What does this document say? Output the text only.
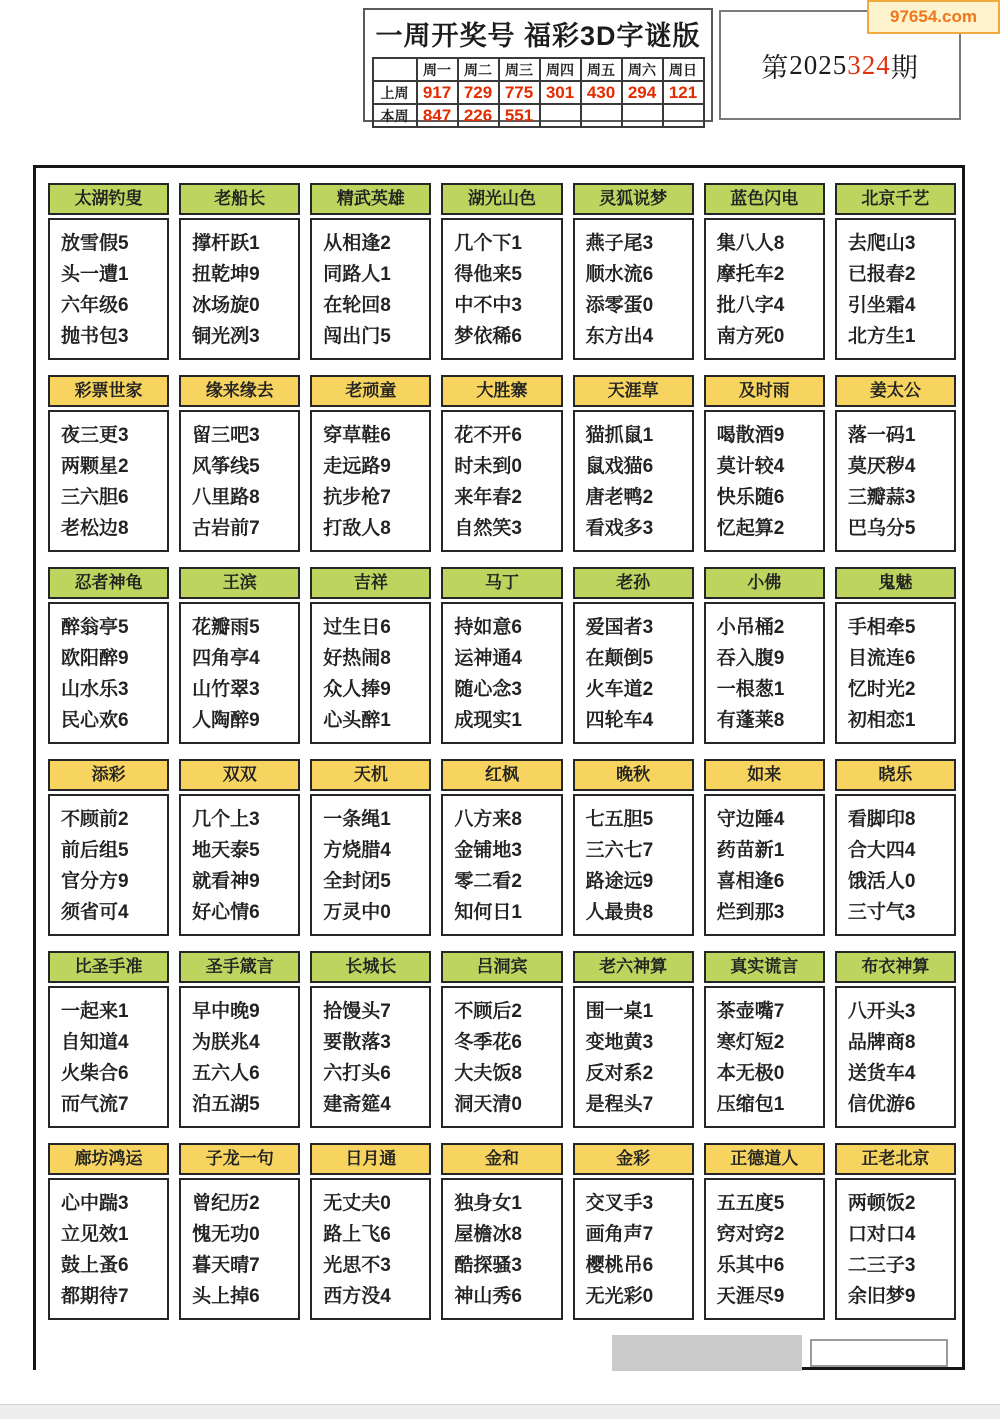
一周开奖号 福彩3D字谜版
	周一	周二	周三	周四	周五	周六	周日
上周	917	729	775	301	430	294	121
本周	847	226	551				
第 2025 324 期
97654.com
太湖钓叟
放雪假5
头一遭1
六年级6
抛书包3
老船长
撑杆跃1
扭乾坤9
冰场旋0
铜光冽3
精武英雄
从相逢2
同路人1
在轮回8
闯出门5
湖光山色
几个下1
得他来5
中不中3
梦依稀6
灵狐说梦
燕子尾3
顺水流6
添零蛋0
东方出4
蓝色闪电
集八人8
摩托车2
批八字4
南方死0
北京千艺
去爬山3
已报春2
引坐霜4
北方生1
彩票世家
夜三更3
两颗星2
三六胆6
老松边8
缘来缘去
留三吧3
风筝线5
八里路8
古岩前7
老顽童
穿草鞋6
走远路9
抗步枪7
打敌人8
大胜寨
花不开6
时未到0
来年春2
自然笑3
天涯草
猫抓鼠1
鼠戏猫6
唐老鸭2
看戏多3
及时雨
喝散酒9
莫计较4
快乐随6
忆起算2
姜太公
落一码1
莫厌秽4
三瓣蒜3
巴乌分5
忍者神龟
醉翁亭5
欧阳醉9
山水乐3
民心欢6
王滨
花瓣雨5
四角亭4
山竹翠3
人陶醉9
吉祥
过生日6
好热闹8
众人捧9
心头醉1
马丁
持如意6
运神通4
随心念3
成现实1
老孙
爱国者3
在颠倒5
火车道2
四轮车4
小佛
小吊桶2
吞入腹9
一根葱1
有蓬莱8
鬼魅
手相牵5
目流连6
忆时光2
初相恋1
添彩
不顾前2
前后组5
官分方9
须省可4
双双
几个上3
地天泰5
就看神9
好心情6
天机
一条绳1
方烧腊4
全封闭5
万灵中0
红枫
八方来8
金铺地3
零二看2
知何日1
晚秋
七五胆5
三六七7
路途远9
人最贵8
如来
守边陲4
药苗新1
喜相逢6
烂到那3
晓乐
看脚印8
合大四4
饿活人0
三寸气3
比圣手准
一起来1
自知道4
火柴合6
而气流7
圣手箴言
早中晚9
为朕兆4
五六人6
泊五湖5
长城长
拾馒头7
要散落3
六打头6
建斋筵4
吕洞宾
不顾后2
冬季花6
大夫饭8
洞天清0
老六神算
围一桌1
变地黄3
反对系2
是程头7
真实谎言
茶壶嘴7
寒灯短2
本无极0
压缩包1
布衣神算
八开头3
品牌商8
送货车4
信优游6
廊坊鸿运
心中踹3
立见效1
鼓上蚤6
都期待7
子龙一句
曾纪历2
愧无功0
暮天晴7
头上掉6
日月通
无丈夫0
路上飞6
光思不3
西方没4
金和
独身女1
屋檐冰8
酷探骚3
神山秀6
金彩
交叉手3
画角声7
樱桃吊6
无光彩0
正德道人
五五度5
窍对窍2
乐其中6
天涯尽9
正老北京
两顿饭2
口对口4
二三子3
余旧梦9
